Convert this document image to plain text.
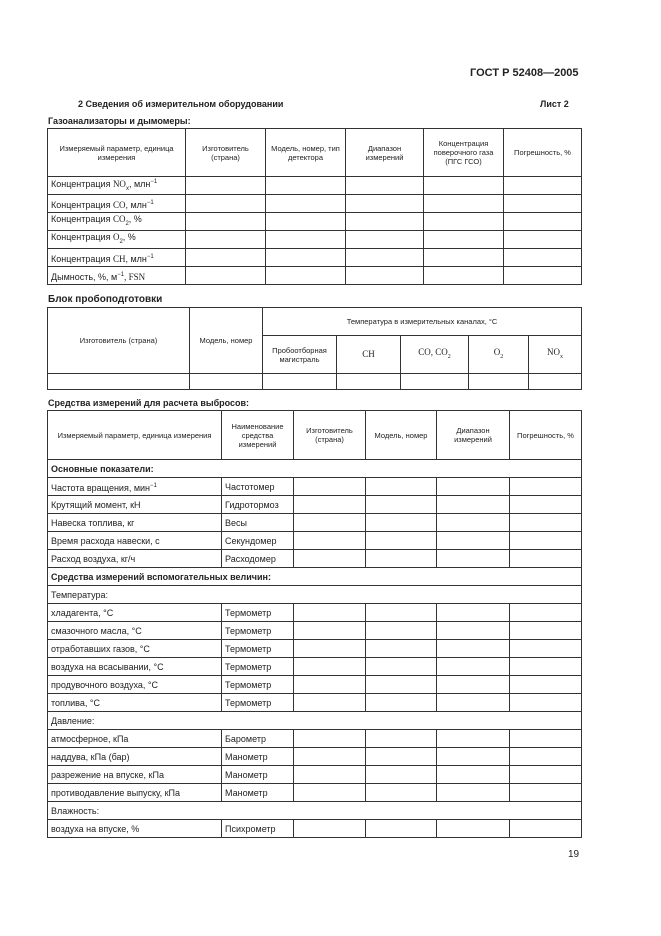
ГОСТ Р 52408—2005
2 Сведения об измерительном оборудовании	Лист 2
Газоанализаторы и дымомеры:
Измеряемый параметр, единица измерения	Изготовитель (страна)	Модель, номер, тип детектора	Диапазон измерений	Концентрация поверочного газа (ПГС ГСО)	Погрешность, %
Концентрация $NO_x$, млн$^{-1}$					
Концентрация CO, млн$^{-1}$					
Концентрация $CO_2$, %					
Концентрация $O_2$, %					
Концентрация CH, млн$^{-1}$					
Дымность, %, $м^{-1}$, FSN					
Блок пробоподготовки
Изготовитель (страна)	Модель, номер	Температура в измерительных каналах, °С				
		Пробоотборная магистраль	CH	CO, $CO_2$	$O_2$	$NO_x$

Средства измерений для расчета выбросов:
Измеряемый параметр, единица измерения	Наименование средства измерений	Изготовитель (страна)	Модель, номер	Диапазон измерений	Погрешность, %
Основные показатели:					
Частота вращения, мин$^{-1}$	Частотомер				
Крутящий момент, кН	Гидротормоз				
Навеска топлива, кг	Весы				
Время расхода навески, с	Секундомер				
Расход воздуха, кг/ч	Расходомер				
Средства измерений вспомогательных величин:					
Температура:					
хладагента, °С	Термометр				
смазочного масла, °С	Термометр				
отработавших газов, °С	Термометр				
воздуха на всасывании, °С	Термометр				
продувочного воздуха, °С	Термометр				
топлива, °С	Термометр				
Давление:					
атмосферное, кПа	Барометр				
наддува, кПа (бар)	Манометр				
разрежение на впуске, кПа	Манометр				
противодавление выпуску, кПа	Манометр				
Влажность:					
воздуха на впуске, %	Психрометр				
19
